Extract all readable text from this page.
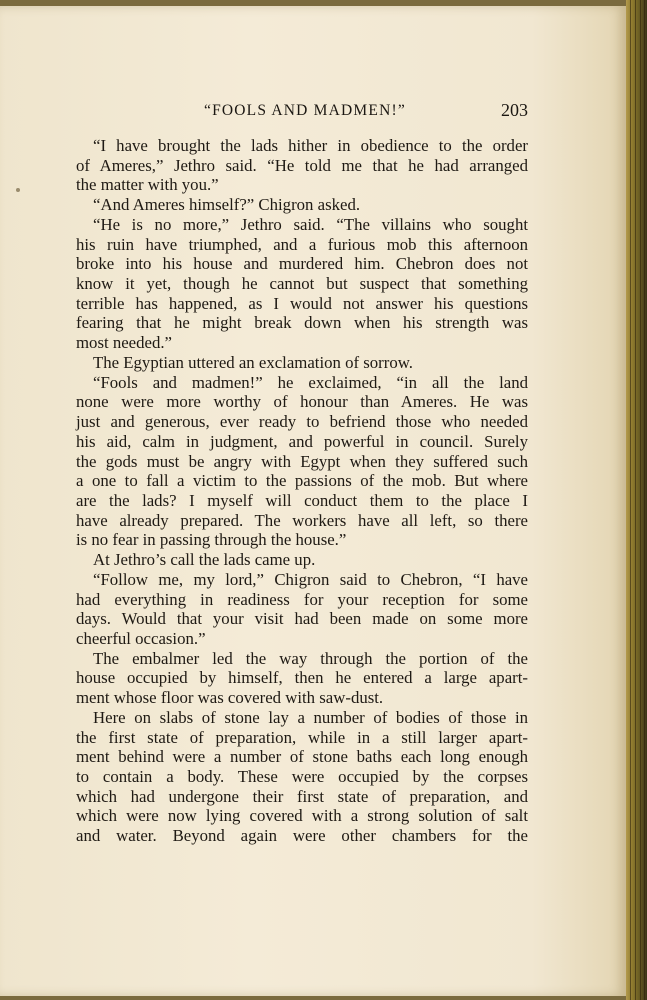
“FOOLS AND MADMEN!”	203
“I have brought the lads hither in obedience to the order
of Ameres,” Jethro said. “He told me that he had arranged
the matter with you.”
“And Ameres himself?” Chigron asked.
“He is no more,” Jethro said. “The villains who sought
his ruin have triumphed, and a furious mob this afternoon
broke into his house and murdered him. Chebron does not
know it yet, though he cannot but suspect that something
terrible has happened, as I would not answer his questions
fearing that he might break down when his strength was
most needed.”
The Egyptian uttered an exclamation of sorrow.
“Fools and madmen!” he exclaimed, “in all the land
none were more worthy of honour than Ameres. He was
just and generous, ever ready to befriend those who needed
his aid, calm in judgment, and powerful in council. Surely
the gods must be angry with Egypt when they suffered such
a one to fall a victim to the passions of the mob. But where
are the lads? I myself will conduct them to the place I
have already prepared. The workers have all left, so there
is no fear in passing through the house.”
At Jethro’s call the lads came up.
“Follow me, my lord,” Chigron said to Chebron, “I have
had everything in readiness for your reception for some
days. Would that your visit had been made on some more
cheerful occasion.”
The embalmer led the way through the portion of the
house occupied by himself, then he entered a large apart-
ment whose floor was covered with saw-dust.
Here on slabs of stone lay a number of bodies of those in
the first state of preparation, while in a still larger apart-
ment behind were a number of stone baths each long enough
to contain a body. These were occupied by the corpses
which had undergone their first state of preparation, and
which were now lying covered with a strong solution of salt
and water. Beyond again were other chambers for the
